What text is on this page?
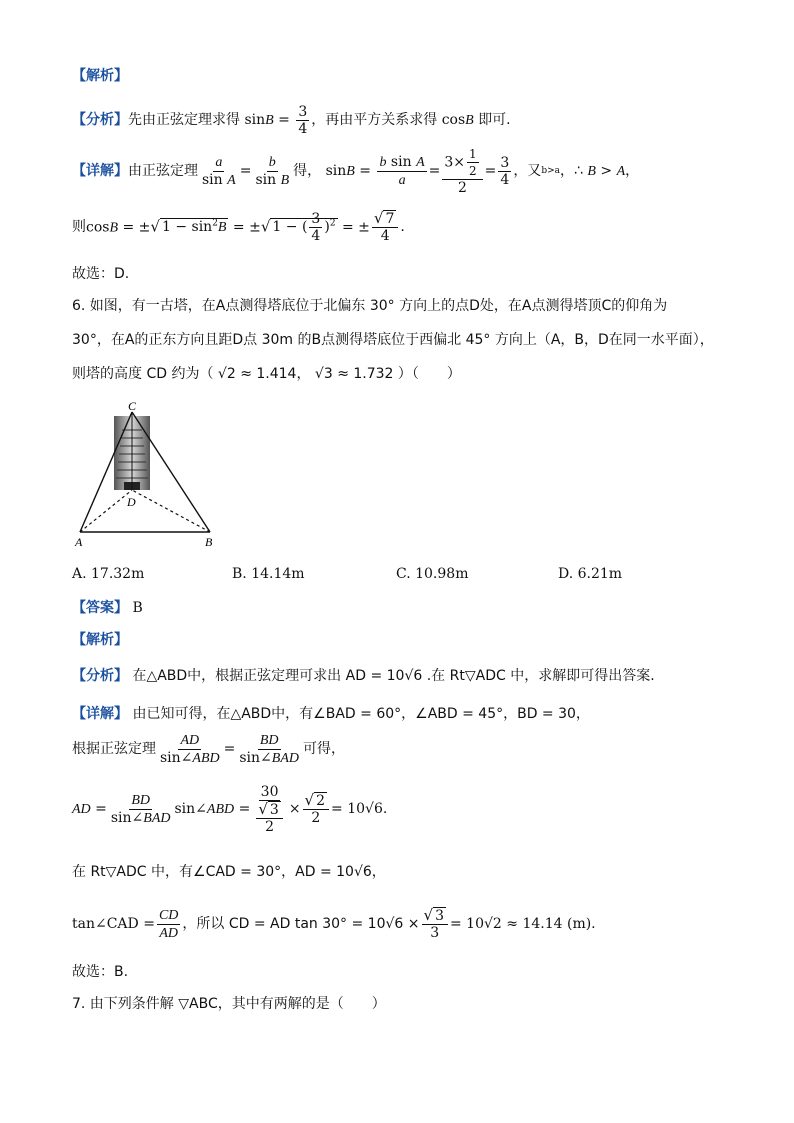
【解析】
【分析】 先由正弦定理求得 $\sin B = \frac{3}{4}$ ，再由平方关系求得 cosB 即可.
【详解】 由正弦定理 $\frac{a}{\text{sin A}} = \frac{b}{\text{sin B}}$ 得， $\sin B = \frac{\text{b sin A}}{a} = \frac{3\times \frac{1}{2}}{2} = \frac{3}{4}$ ，又 b>a ，∴ B > A，
则 cosB = ±√ $1 - \sin^2B$ = ±√ 1 − ( $\frac{3}{4} )^2$ = ± $\frac{√ 7}{4}$ .
故选：D.
6. 如图，有一古塔，在A点测得塔底位于北偏东 30° 方向上的点D处，在A点测得塔顶C的仰角为
30°，在A的正东方向且距D点 30m 的B点测得塔底位于西偏北 45° 方向上（A，B，D在同一水平面），
则塔的高度 CD 约为（ √2 ≈ 1.414， √3 ≈ 1.732 ）（　　）
C
D
A	B
A. 17.32m	B. 14.14m	C. 10.98m	D. 6.21m
【答案】 B
【解析】
【分析】 在△ABD中，根据正弦定理可求出 AD = 10√6 .在 Rt▽ADC 中，求解即可得出答案.
【详解】 由已知可得，在△ABD中，有∠BAD = 60°，∠ABD = 45°，BD = 30，
根据正弦定理 $\frac{AD}{\text{sin∠ABD}} = \frac{BD}{\text{sin∠BAD}}$ 可得，
AD = $\frac{BD}{\text{sin∠BAD}}$ sin∠ABD = $\frac{30}{\frac{√ 3}{2}} \times \frac{√ 2}{2} = 10√6$ .
在 Rt▽ADC 中，有∠CAD = 30°，AD = 10√6，
tan∠CAD = $\frac{CD}{AD}$ ，所以 CD = AD $\tan 30^\circ = 10√6 \times \frac{√ 3}{3} = 10√2 \approx 14.14$ (m).
故选：B.
7. 由下列条件解 ▽ABC，其中有两解的是（　　）
